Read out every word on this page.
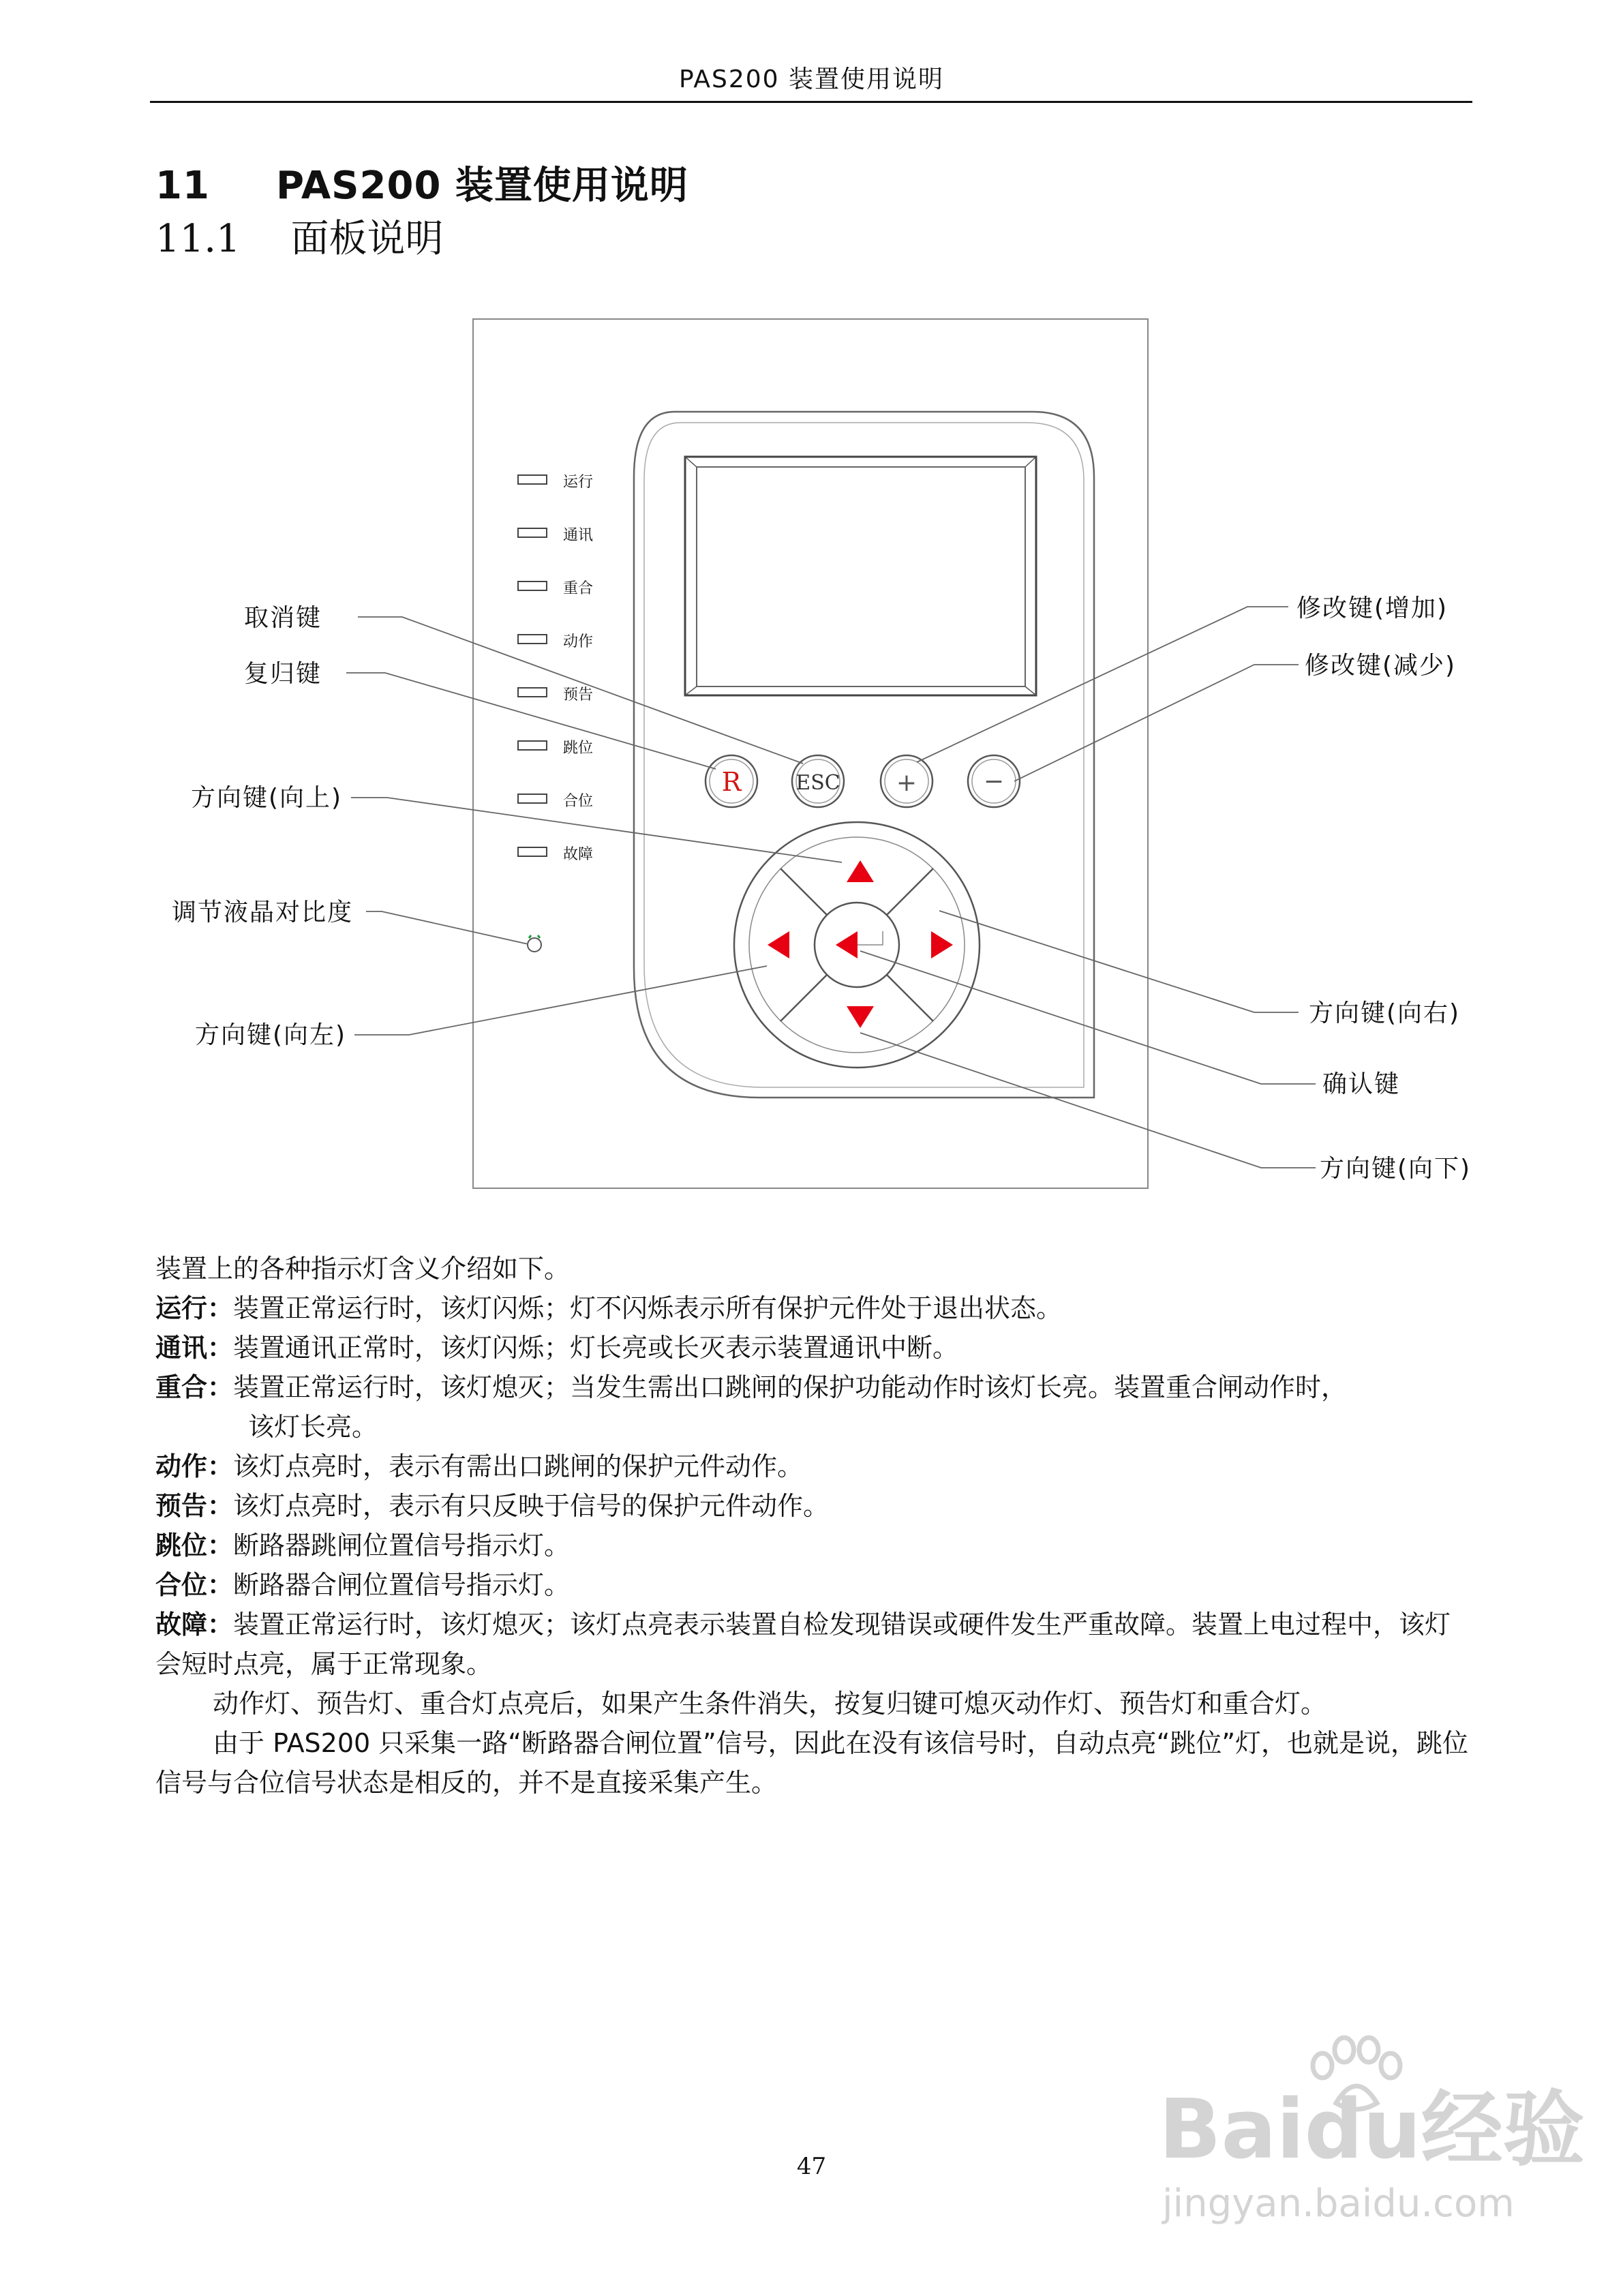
PAS200 装置使用说明
11 PAS200 装置使用说明
11.1 面板说明
R	ESC +	−
运行
通讯
重合
动作
预告
跳位
合位
故障
取消键
复归键
方向键(向上)
调节液晶对比度
方向键(向左)
修改键(增加)
修改键(减少)
方向键(向右)
确认键
方向键(向下)

装置上的各种指示灯含义介绍如下。

运行：装置正常运行时，该灯闪烁；灯不闪烁表示所有保护元件处于退出状态。

通讯：装置通讯正常时，该灯闪烁；灯长亮或长灭表示装置通讯中断。

重合：装置正常运行时，该灯熄灭；当发生需出口跳闸的保护功能动作时该灯长亮。装置重合闸动作时，

该灯长亮。

动作：该灯点亮时，表示有需出口跳闸的保护元件动作。

预告：该灯点亮时，表示有只反映于信号的保护元件动作。

跳位：断路器跳闸位置信号指示灯。

合位：断路器合闸位置信号指示灯。

故障：装置正常运行时，该灯熄灭；该灯点亮表示装置自检发现错误或硬件发生严重故障。装置上电过程中，该灯会短时点亮，属于正常现象。

动作灯、预告灯、重合灯点亮后，如果产生条件消失，按复归键可熄灭动作灯、预告灯和重合灯。

由于 PAS200 只采集一路“断路器合闸位置”信号，因此在没有该信号时，自动点亮“跳位”灯，也就是说，跳位信号与合位信号状态是相反的，并不是直接采集产生。

47	Baidu经验
jingyan.baidu.com
